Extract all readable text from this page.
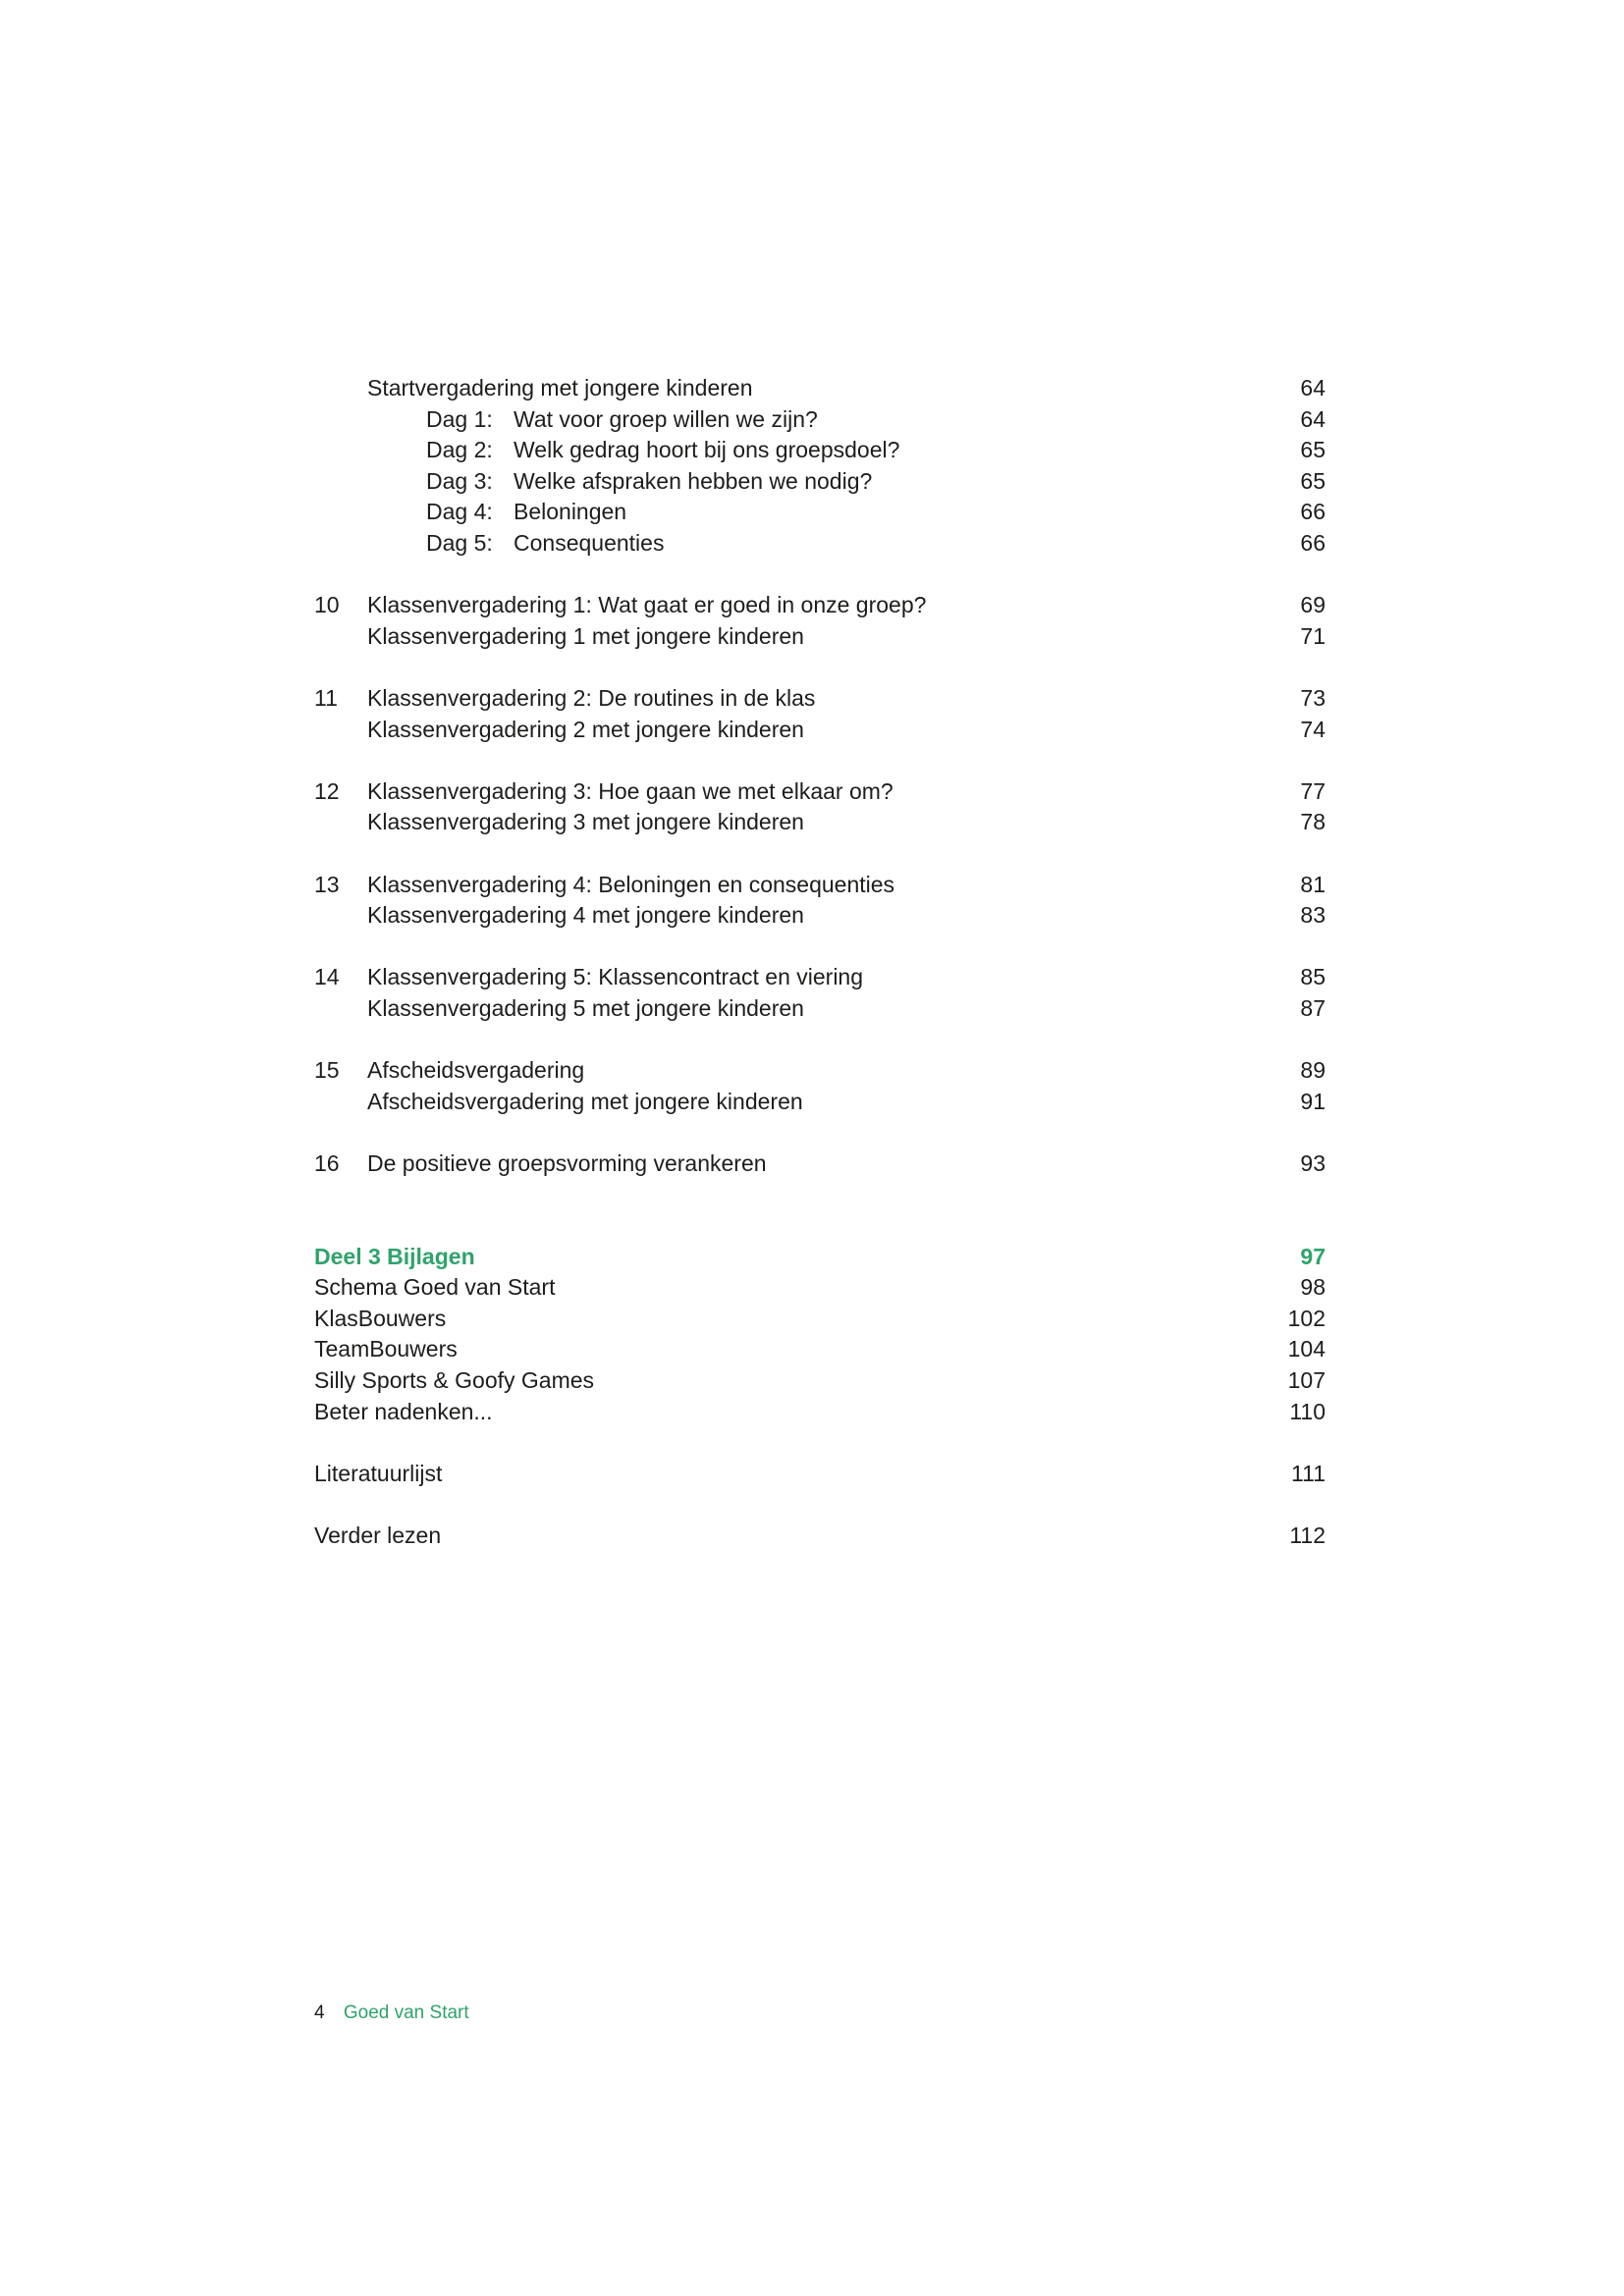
Startvergadering met jongere kinderen	64
Dag 1: Wat voor groep willen we zijn?	64
Dag 2: Welk gedrag hoort bij ons groepsdoel?	65
Dag 3: Welke afspraken hebben we nodig?	65
Dag 4: Beloningen	66
Dag 5: Consequenties	66
10 Klassenvergadering 1: Wat gaat er goed in onze groep?	69
Klassenvergadering 1 met jongere kinderen	71
11 Klassenvergadering 2: De routines in de klas	73
Klassenvergadering 2 met jongere kinderen	74
12 Klassenvergadering 3: Hoe gaan we met elkaar om?	77
Klassenvergadering 3 met jongere kinderen	78
13 Klassenvergadering 4: Beloningen en consequenties	81
Klassenvergadering 4 met jongere kinderen	83
14 Klassenvergadering 5: Klassencontract en viering	85
Klassenvergadering 5 met jongere kinderen	87
15 Afscheidsvergadering	89
Afscheidsvergadering met jongere kinderen	91
16 De positieve groepsvorming verankeren	93
Deel 3 Bijlagen	97
Schema Goed van Start	98
KlasBouwers	102
TeamBouwers	104
Silly Sports & Goofy Games	107
Beter nadenken...	110
Literatuurlijst	111
Verder lezen	112
4 Goed van Start
